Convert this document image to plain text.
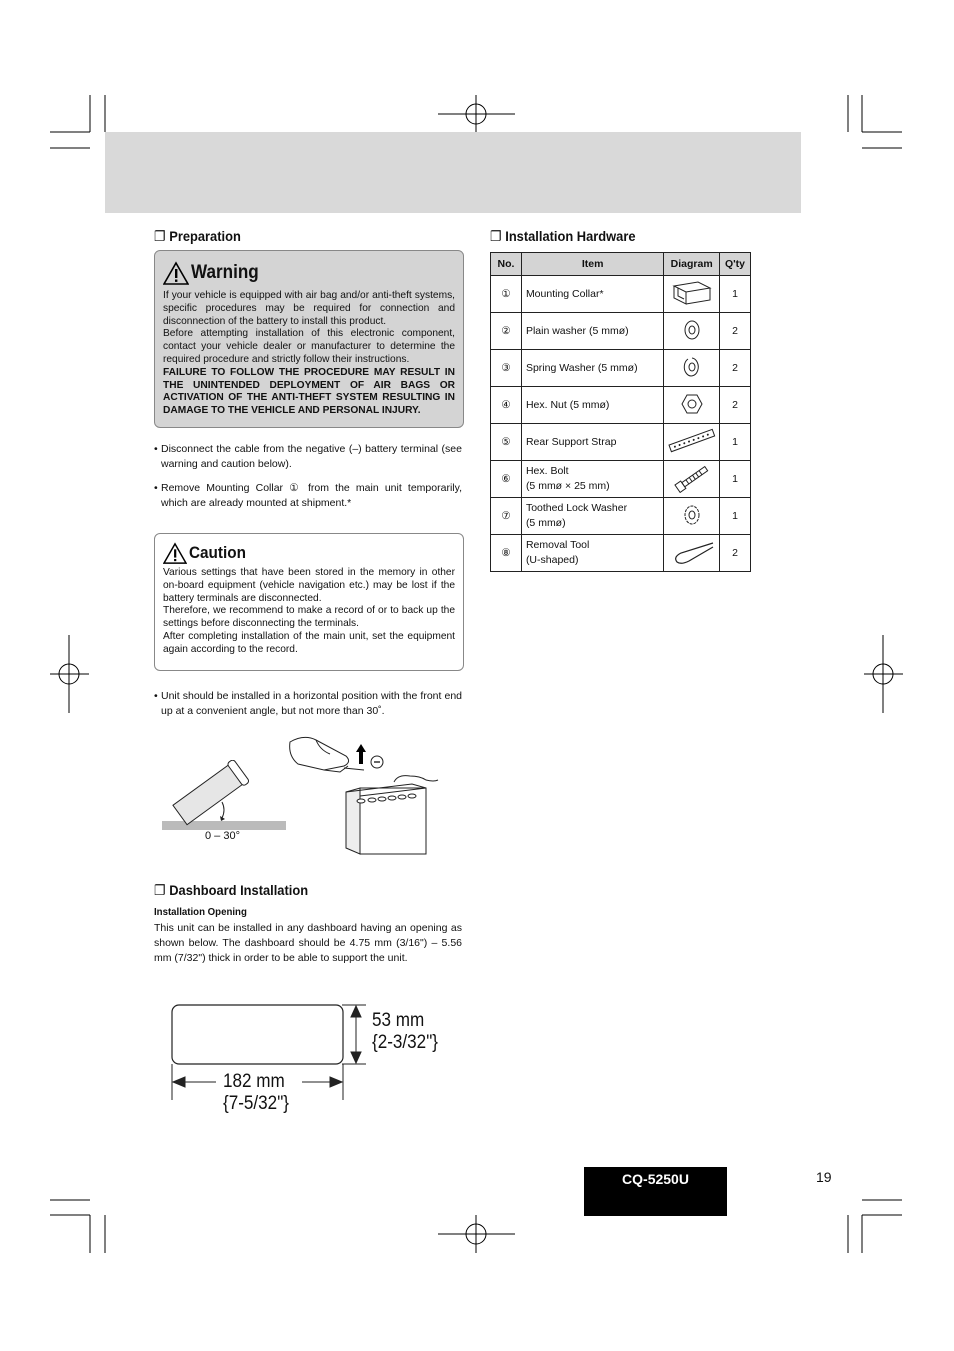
❐ Preparation
Warning

If your vehicle is equipped with air bag and/or anti-theft systems, specific procedures may be required for connection and disconnection of the battery to install this product.

Before attempting installation of this electronic component, contact your vehicle dealer or manufacturer to determine the required procedure and strictly follow their instructions.

FAILURE TO FOLLOW THE PROCEDURE MAY RESULT IN THE UNINTENDED DEPLOYMENT OF AIR BAGS OR ACTIVATION OF THE ANTI-THEFT SYSTEM RESULTING IN DAMAGE TO THE VEHICLE AND PERSONAL INJURY.

• Disconnect the cable from the negative (–) battery terminal (see warning and caution below).
• Remove Mounting Collar ① from the main unit temporarily, which are already mounted at shipment.*
Caution

Various settings that have been stored in the memory in other on-board equipment (vehicle navigation etc.) may be lost if the battery terminals are disconnected.

Therefore, we recommend to make a record of or to back up the settings before disconnecting the terminals.

After completing installation of the main unit, set the equipment again according to the record.

• Unit should be installed in a horizontal position with the front end up at a convenient angle, but not more than 30˚.
0 – 30°
❐ Dashboard Installation
Installation Opening
This unit can be installed in any dashboard having an opening as shown below. The dashboard should be 4.75 mm (3/16") – 5.56 mm (7/32") thick in order to be able to support the unit.
53 mm
{2-3/32"}
182 mm
{7-5/32"}
❐ Installation Hardware
No.	Item	Diagram	Q'ty
①	Mounting Collar*		1
②	Plain washer (5 mmø)		2
③	Spring Washer (5 mmø)		2
④	Hex. Nut (5 mmø)		2
⑤	Rear Support Strap		1
⑥	Hex. Bolt
(5 mmø × 25 mm)		1
⑦	Toothed Lock Washer
(5 mmø)		1
⑧	Removal Tool
(U-shaped)		2
CQ-5250U	19
